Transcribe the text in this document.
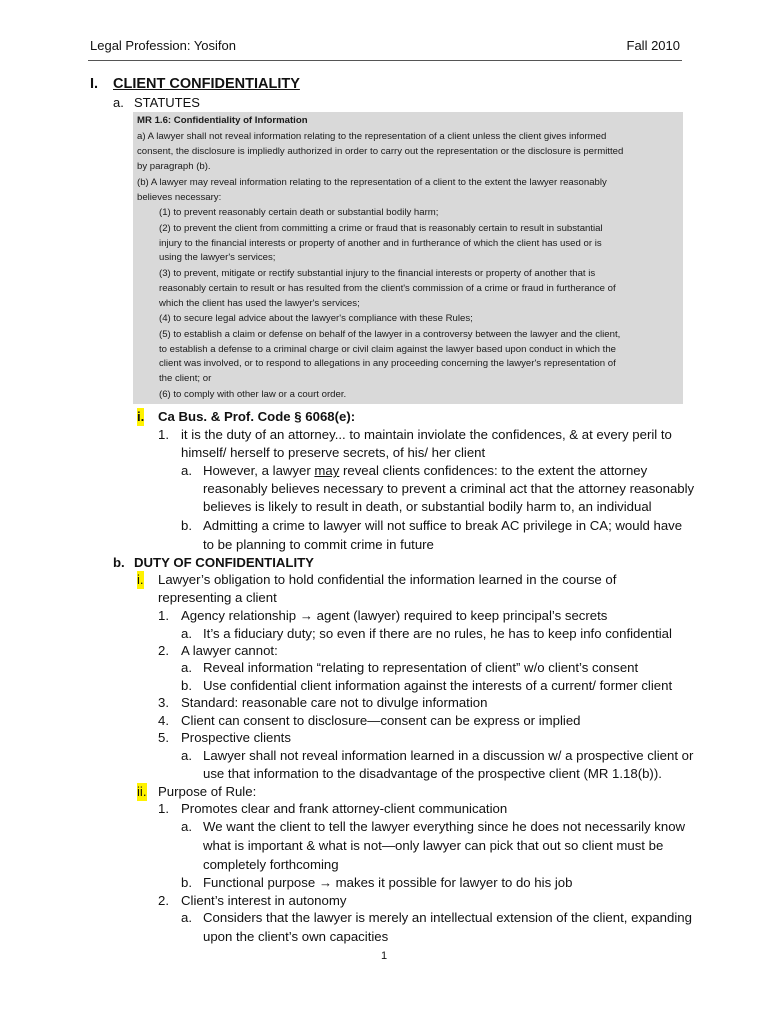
Legal Profession: Yosifon	Fall 2010
I. CLIENT CONFIDENTIALITY
a. STATUTES
MR 1.6: Confidentiality of Information
a) A lawyer shall not reveal information relating to the representation of a client unless the client gives informed
consent, the disclosure is impliedly authorized in order to carry out the representation or the disclosure is permitted
by paragraph (b).
(b) A lawyer may reveal information relating to the representation of a client to the extent the lawyer reasonably
believes necessary:
(1) to prevent reasonably certain death or substantial bodily harm;
(2) to prevent the client from committing a crime or fraud that is reasonably certain to result in substantial
injury to the financial interests or property of another and in furtherance of which the client has used or is
using the lawyer's services;
(3) to prevent, mitigate or rectify substantial injury to the financial interests or property of another that is
reasonably certain to result or has resulted from the client's commission of a crime or fraud in furtherance of
which the client has used the lawyer's services;
(4) to secure legal advice about the lawyer's compliance with these Rules;
(5) to establish a claim or defense on behalf of the lawyer in a controversy between the lawyer and the client,
to establish a defense to a criminal charge or civil claim against the lawyer based upon conduct in which the
client was involved, or to respond to allegations in any proceeding concerning the lawyer's representation of
the client; or
(6) to comply with other law or a court order.
i. Ca Bus. & Prof. Code § 6068(e):
1. it is the duty of an attorney... to maintain inviolate the confidences, & at every peril to
himself/ herself to preserve secrets, of his/ her client
a. However, a lawyer may reveal clients confidences: to the extent the attorney
reasonably believes necessary to prevent a criminal act that the attorney reasonably
believes is likely to result in death, or substantial bodily harm to, an individual
b. Admitting a crime to lawyer will not suffice to break AC privilege in CA; would have
to be planning to commit crime in future
b. DUTY OF CONFIDENTIALITY
i. Lawyer’s obligation to hold confidential the information learned in the course of
representing a client
1. Agency relationship → agent (lawyer) required to keep principal’s secrets
a. It’s a fiduciary duty; so even if there are no rules, he has to keep info confidential
2. A lawyer cannot:
a. Reveal information “relating to representation of client” w/o client’s consent
b. Use confidential client information against the interests of a current/ former client
3. Standard: reasonable care not to divulge information
4. Client can consent to disclosure—consent can be express or implied
5. Prospective clients
a. Lawyer shall not reveal information learned in a discussion w/ a prospective client or
use that information to the disadvantage of the prospective client (MR 1.18(b)).
ii. Purpose of Rule:
1. Promotes clear and frank attorney-client communication
a. We want the client to tell the lawyer everything since he does not necessarily know
what is important & what is not—only lawyer can pick that out so client must be
completely forthcoming
b. Functional purpose → makes it possible for lawyer to do his job
2. Client’s interest in autonomy
a. Considers that the lawyer is merely an intellectual extension of the client, expanding
upon the client’s own capacities
1
